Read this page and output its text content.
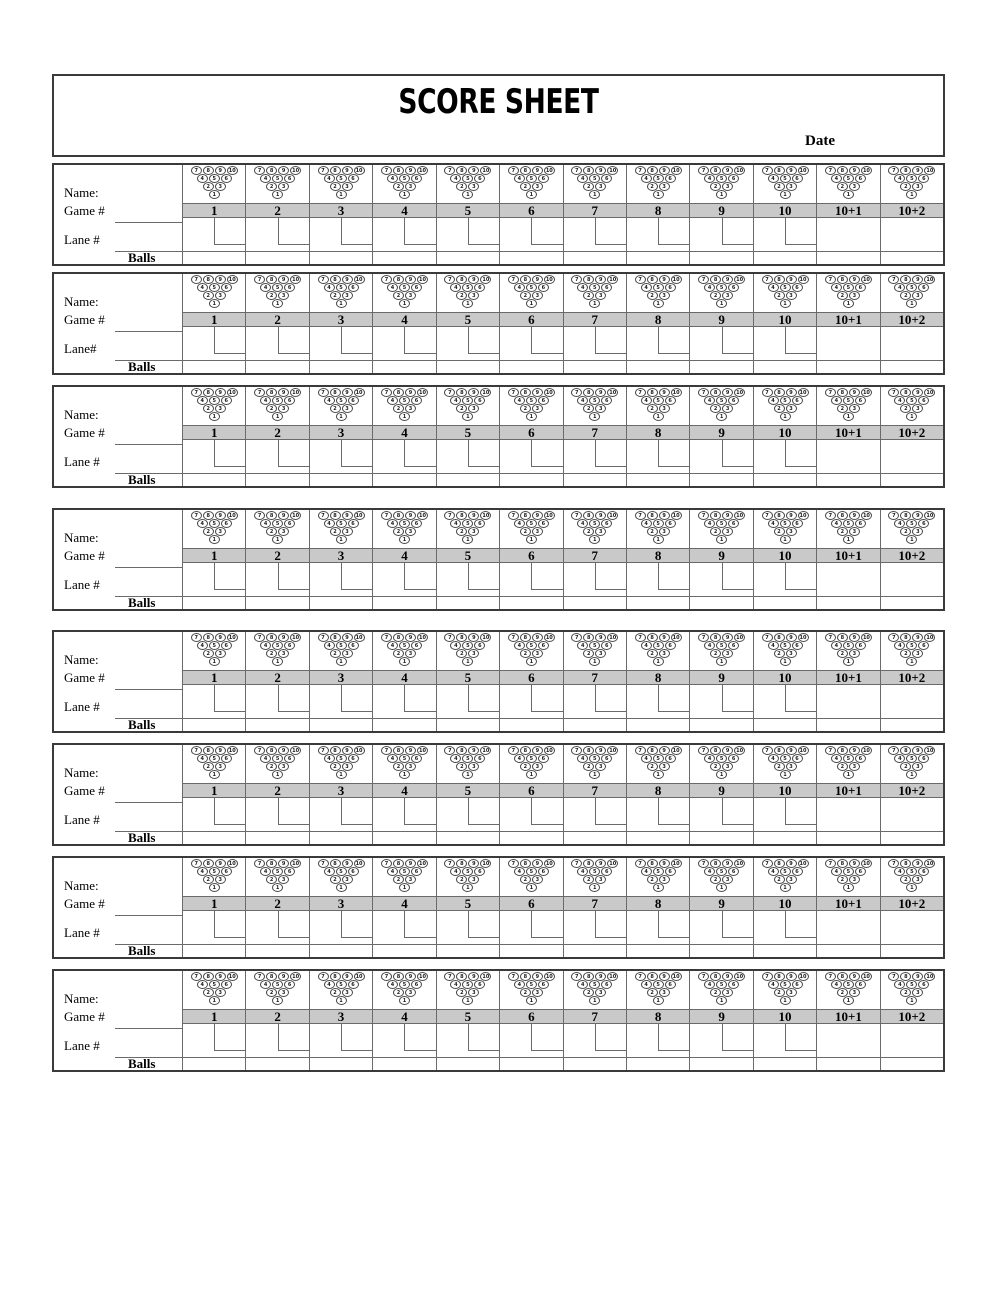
SCORE SHEET
Date
Name:
Game #
Lane #
Balls
7	8	9	10
4	5	6
2	3
1
1
7	8	9	10
4	5	6
2	3
1
2
7	8	9	10
4	5	6
2	3
1
3
7	8	9	10
4	5	6
2	3
1
4
7	8	9	10
4	5	6
2	3
1
5
7	8	9	10
4	5	6
2	3
1
6
7	8	9	10
4	5	6
2	3
1
7
7	8	9	10
4	5	6
2	3
1
8
7	8	9	10
4	5	6
2	3
1
9
7	8	9	10
4	5	6
2	3
1
10
7	8	9	10
4	5	6
2	3
1
10+1
7	8	9	10
4	5	6
2	3
1
10+2
Name:
Game #
Lane#
Balls
7	8	9	10
4	5	6
2	3
1
1
7	8	9	10
4	5	6
2	3
1
2
7	8	9	10
4	5	6
2	3
1
3
7	8	9	10
4	5	6
2	3
1
4
7	8	9	10
4	5	6
2	3
1
5
7	8	9	10
4	5	6
2	3
1
6
7	8	9	10
4	5	6
2	3
1
7
7	8	9	10
4	5	6
2	3
1
8
7	8	9	10
4	5	6
2	3
1
9
7	8	9	10
4	5	6
2	3
1
10
7	8	9	10
4	5	6
2	3
1
10+1
7	8	9	10
4	5	6
2	3
1
10+2
Name:
Game #
Lane #
Balls
7	8	9	10
4	5	6
2	3
1
1
7	8	9	10
4	5	6
2	3
1
2
7	8	9	10
4	5	6
2	3
1
3
7	8	9	10
4	5	6
2	3
1
4
7	8	9	10
4	5	6
2	3
1
5
7	8	9	10
4	5	6
2	3
1
6
7	8	9	10
4	5	6
2	3
1
7
7	8	9	10
4	5	6
2	3
1
8
7	8	9	10
4	5	6
2	3
1
9
7	8	9	10
4	5	6
2	3
1
10
7	8	9	10
4	5	6
2	3
1
10+1
7	8	9	10
4	5	6
2	3
1
10+2
Name:
Game #
Lane #
Balls
7	8	9	10
4	5	6
2	3
1
1
7	8	9	10
4	5	6
2	3
1
2
7	8	9	10
4	5	6
2	3
1
3
7	8	9	10
4	5	6
2	3
1
4
7	8	9	10
4	5	6
2	3
1
5
7	8	9	10
4	5	6
2	3
1
6
7	8	9	10
4	5	6
2	3
1
7
7	8	9	10
4	5	6
2	3
1
8
7	8	9	10
4	5	6
2	3
1
9
7	8	9	10
4	5	6
2	3
1
10
7	8	9	10
4	5	6
2	3
1
10+1
7	8	9	10
4	5	6
2	3
1
10+2
Name:
Game #
Lane #
Balls
7	8	9	10
4	5	6
2	3
1
1
7	8	9	10
4	5	6
2	3
1
2
7	8	9	10
4	5	6
2	3
1
3
7	8	9	10
4	5	6
2	3
1
4
7	8	9	10
4	5	6
2	3
1
5
7	8	9	10
4	5	6
2	3
1
6
7	8	9	10
4	5	6
2	3
1
7
7	8	9	10
4	5	6
2	3
1
8
7	8	9	10
4	5	6
2	3
1
9
7	8	9	10
4	5	6
2	3
1
10
7	8	9	10
4	5	6
2	3
1
10+1
7	8	9	10
4	5	6
2	3
1
10+2
Name:
Game #
Lane #
Balls
7	8	9	10
4	5	6
2	3
1
1
7	8	9	10
4	5	6
2	3
1
2
7	8	9	10
4	5	6
2	3
1
3
7	8	9	10
4	5	6
2	3
1
4
7	8	9	10
4	5	6
2	3
1
5
7	8	9	10
4	5	6
2	3
1
6
7	8	9	10
4	5	6
2	3
1
7
7	8	9	10
4	5	6
2	3
1
8
7	8	9	10
4	5	6
2	3
1
9
7	8	9	10
4	5	6
2	3
1
10
7	8	9	10
4	5	6
2	3
1
10+1
7	8	9	10
4	5	6
2	3
1
10+2
Name:
Game #
Lane #
Balls
7	8	9	10
4	5	6
2	3
1
1
7	8	9	10
4	5	6
2	3
1
2
7	8	9	10
4	5	6
2	3
1
3
7	8	9	10
4	5	6
2	3
1
4
7	8	9	10
4	5	6
2	3
1
5
7	8	9	10
4	5	6
2	3
1
6
7	8	9	10
4	5	6
2	3
1
7
7	8	9	10
4	5	6
2	3
1
8
7	8	9	10
4	5	6
2	3
1
9
7	8	9	10
4	5	6
2	3
1
10
7	8	9	10
4	5	6
2	3
1
10+1
7	8	9	10
4	5	6
2	3
1
10+2
Name:
Game #
Lane #
Balls
7	8	9	10
4	5	6
2	3
1
1
7	8	9	10
4	5	6
2	3
1
2
7	8	9	10
4	5	6
2	3
1
3
7	8	9	10
4	5	6
2	3
1
4
7	8	9	10
4	5	6
2	3
1
5
7	8	9	10
4	5	6
2	3
1
6
7	8	9	10
4	5	6
2	3
1
7
7	8	9	10
4	5	6
2	3
1
8
7	8	9	10
4	5	6
2	3
1
9
7	8	9	10
4	5	6
2	3
1
10
7	8	9	10
4	5	6
2	3
1
10+1
7	8	9	10
4	5	6
2	3
1
10+2
